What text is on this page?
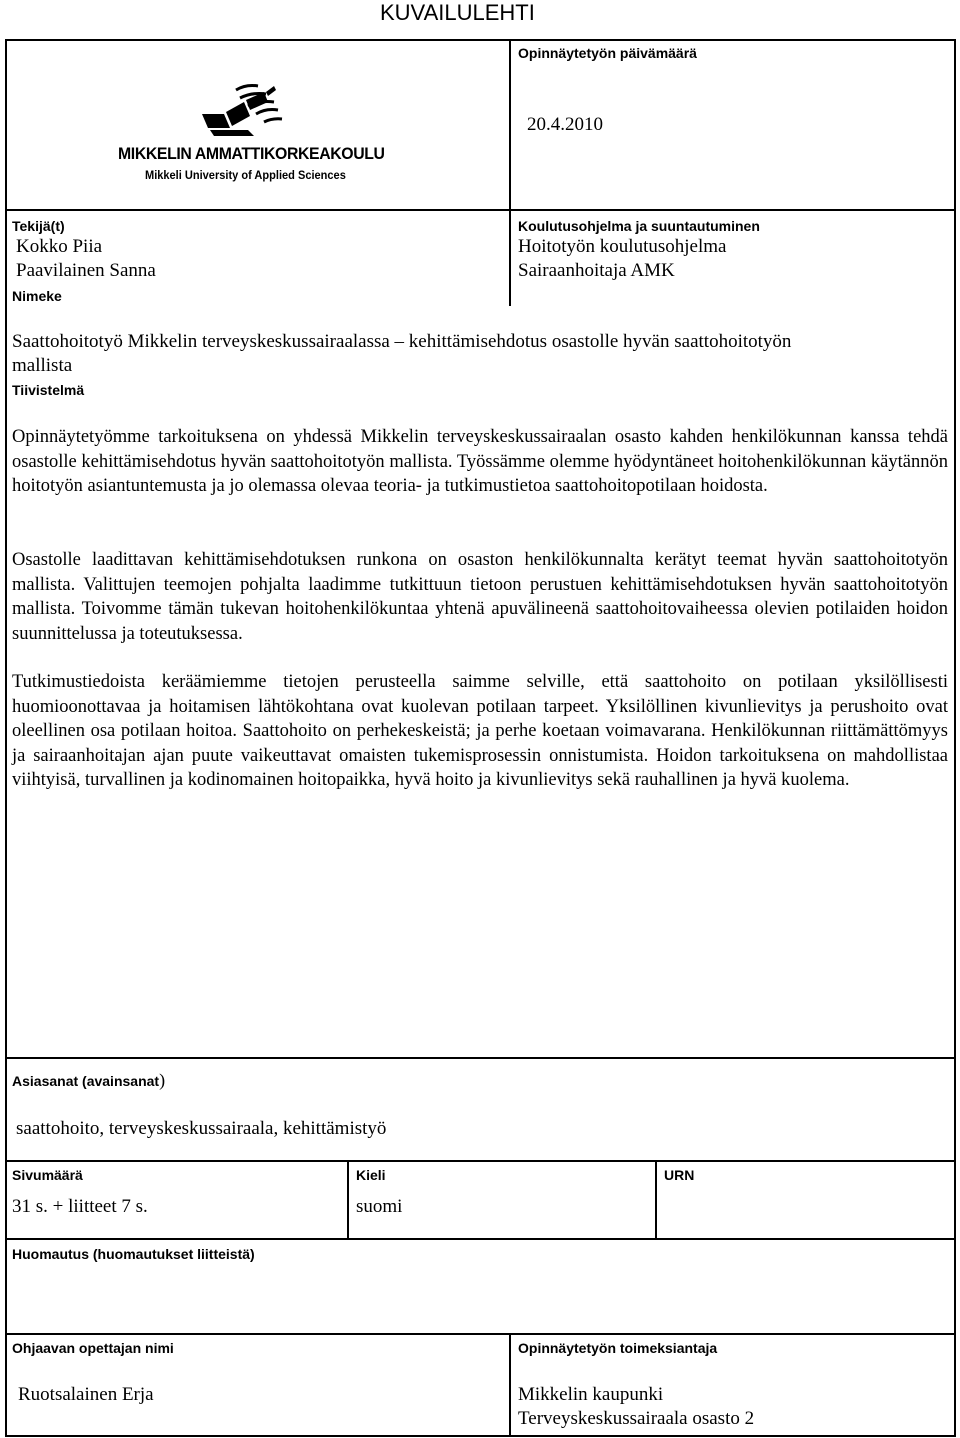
KUVAILULEHTI
Opinnäytetyön päivämäärä
20.4.2010
MIKKELIN AMMATTIKORKEAKOULU
Mikkeli University of Applied Sciences
Tekijä(t)
Kokko Piia
Paavilainen Sanna
Koulutusohjelma ja suuntautuminen
Hoitotyön koulutusohjelma
Sairaanhoitaja AMK
Nimeke
Saattohoitotyö Mikkelin terveyskeskussairaalassa – kehittämisehdotus osastolle hyvän saattohoitotyön
mallista
Tiivistelmä
Opinnäytetyömme tarkoituksena on yhdessä Mikkelin terveyskeskussairaalan osasto kahden henkilökunnan kanssa tehdä osastolle kehittämisehdotus hyvän saattohoitotyön mallista. Työssämme olemme hyödyntäneet hoitohenkilökunnan käytännön hoitotyön asiantuntemusta ja jo olemassa olevaa teoria- ja tutkimustietoa saattohoitopotilaan hoidosta.
Osastolle laadittavan kehittämisehdotuksen runkona on osaston henkilökunnalta kerätyt teemat hyvän saattohoitotyön mallista. Valittujen teemojen pohjalta laadimme tutkittuun tietoon perustuen kehittämisehdotuksen hyvän saattohoitotyön mallista. Toivomme tämän tukevan hoitohenkilökuntaa yhtenä apuvälineenä saattohoitovaiheessa olevien potilaiden hoidon suunnittelussa ja toteutuksessa.
Tutkimustiedoista keräämiemme tietojen perusteella saimme selville, että saattohoito on potilaan yksilöllisesti huomioonottavaa ja hoitamisen lähtökohtana ovat kuolevan potilaan tarpeet. Yksilöllinen kivunlievitys ja perushoito ovat oleellinen osa potilaan hoitoa. Saattohoito on perhekeskeistä; ja perhe koetaan voimavarana. Henkilökunnan riittämättömyys ja sairaanhoitajan ajan puute vaikeuttavat omaisten tukemisprosessin onnistumista. Hoidon tarkoituksena on mahdollistaa viihtyisä, turvallinen ja kodinomainen hoitopaikka, hyvä hoito ja kivunlievitys sekä rauhallinen ja hyvä kuolema.
Asiasanat (avainsanat)
saattohoito, terveyskeskussairaala, kehittämistyö
Sivumäärä
31 s. + liitteet 7 s.
Kieli
suomi
URN
Huomautus (huomautukset liitteistä)
Ohjaavan opettajan nimi
Ruotsalainen Erja
Opinnäytetyön toimeksiantaja
Mikkelin kaupunki
Terveyskeskussairaala osasto 2
